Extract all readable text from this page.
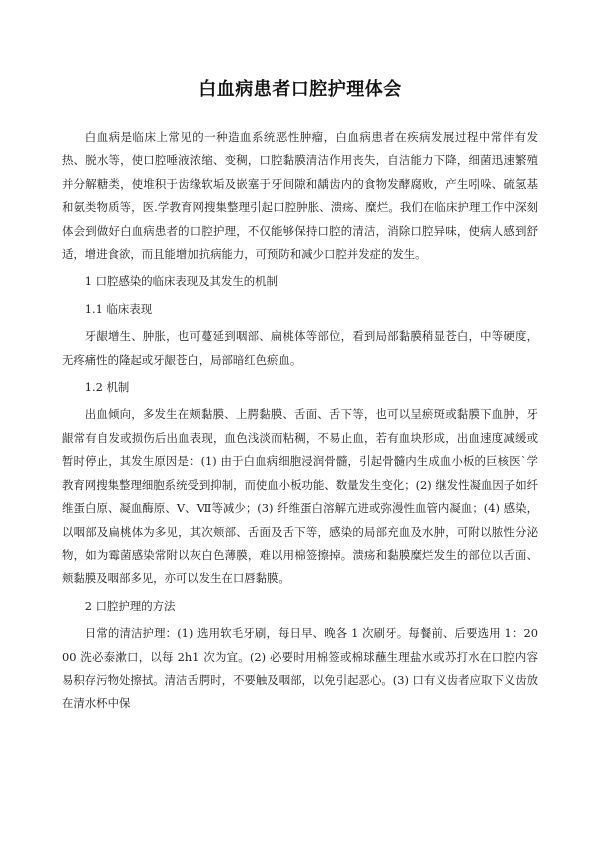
白血病患者口腔护理体会

白血病是临床上常见的一种造血系统恶性肿瘤，白血病患者在疾病发展过程中常伴有发热、脱水等，使口腔唾液浓缩、变稠，口腔黏膜清洁作用丧失，自洁能力下降，细菌迅速繁殖并分解糖类，使堆积于齿缘软垢及嵌塞于牙间隙和龋齿内的食物发酵腐败，产生吲哚、硫氢基和氨类物质等，医.学教育网搜集整理引起口腔肿胀、溃疡、糜烂。我们在临床护理工作中深刻体会到做好白血病患者的口腔护理，不仅能够保持口腔的清洁，消除口腔异味，使病人感到舒适，增进食欲，而且能增加抗病能力，可预防和减少口腔并发症的发生。

1 口腔感染的临床表现及其发生的机制

1.1 临床表现

牙龈增生、肿胀，也可蔓延到咽部、扁桃体等部位，看到局部黏膜稍显苍白，中等硬度，无疼痛性的隆起或牙龈苍白，局部暗红色瘀血。

1.2 机制

出血倾向，多发生在颊黏膜、上腭黏膜、舌面、舌下等，也可以呈瘀斑或黏膜下血肿，牙龈常有自发或损伤后出血表现，血色浅淡而粘稠，不易止血，若有血块形成，出血速度减缓或暂时停止，其发生原因是：(1) 由于白血病细胞浸润骨髓，引起骨髓内生成血小板的巨核医`学教育网搜集整理细胞系统受到抑制，而使血小板功能、数量发生变化；(2) 继发性凝血因子如纤维蛋白原、凝血酶原、V、Ⅶ等减少；(3) 纤维蛋白溶解亢进或弥漫性血管内凝血；(4) 感染，以咽部及扁桃体为多见，其次颊部、舌面及舌下等，感染的局部充血及水肿，可附以脓性分泌物，如为霉菌感染常附以灰白色薄膜，难以用棉签擦掉。溃疡和黏膜糜烂发生的部位以舌面、颊黏膜及咽部多见，亦可以发生在口唇黏膜。

2 口腔护理的方法

日常的清洁护理：(1) 选用软毛牙刷，每日早、晚各 1 次刷牙。每餐前、后要选用 1：2000 洗必泰漱口，以每 2h1 次为宜。(2) 必要时用棉签或棉球蘸生理盐水或苏打水在口腔内容易积存污物处擦拭。清洁舌腭时，不要触及咽部，以免引起恶心。(3) 口有义齿者应取下义齿放在清水杯中保
